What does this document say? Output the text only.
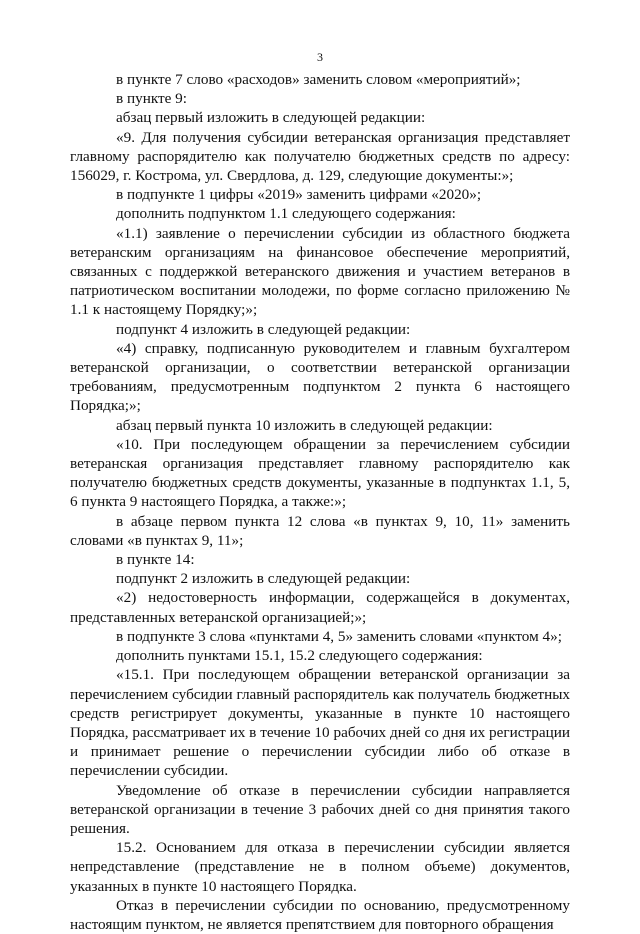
3

в пункте 7 слово «расходов» заменить словом «мероприятий»;

в пункте 9:

абзац первый изложить в следующей редакции:

«9. Для получения субсидии ветеранская организация представляет главному распорядителю как получателю бюджетных средств по адресу: 156029, г. Кострома, ул. Свердлова, д. 129, следующие документы:»;

в подпункте 1 цифры «2019» заменить цифрами «2020»;

дополнить подпунктом 1.1 следующего содержания:

«1.1) заявление о перечислении субсидии из областного бюджета ветеранским организациям на финансовое обеспечение мероприятий, связанных с поддержкой ветеранского движения и участием ветеранов в патриотическом воспитании молодежи, по форме согласно приложению № 1.1 к настоящему Порядку;»;

подпункт 4 изложить в следующей редакции:

«4) справку, подписанную руководителем и главным бухгалтером ветеранской организации, о соответствии ветеранской организации требованиям, предусмотренным подпунктом 2 пункта 6 настоящего Порядка;»;

абзац первый пункта 10 изложить в следующей редакции:

«10. При последующем обращении за перечислением субсидии ветеранская организация представляет главному распорядителю как получателю бюджетных средств документы, указанные в подпунктах 1.1, 5, 6 пункта 9 настоящего Порядка, а также:»;

в абзаце первом пункта 12 слова «в пунктах 9, 10, 11» заменить словами «в пунктах 9, 11»;

в пункте 14:

подпункт 2 изложить в следующей редакции:

«2) недостоверность информации, содержащейся в документах, представленных ветеранской организацией;»;

в подпункте 3 слова «пунктами 4, 5» заменить словами «пунктом 4»;

дополнить пунктами 15.1, 15.2 следующего содержания:

«15.1. При последующем обращении ветеранской организации за перечислением субсидии главный распорядитель как получатель бюджетных средств регистрирует документы, указанные в пункте 10 настоящего Порядка, рассматривает их в течение 10 рабочих дней со дня их регистрации и принимает решение о перечислении субсидии либо об отказе в перечислении субсидии.

Уведомление об отказе в перечислении субсидии направляется ветеранской организации в течение 3 рабочих дней со дня принятия такого решения.

15.2. Основанием для отказа в перечислении субсидии является непредставление (представление не в полном объеме) документов, указанных в пункте 10 настоящего Порядка.

Отказ в перечислении субсидии по основанию, предусмотренному настоящим пунктом, не является препятствием для повторного обращения
